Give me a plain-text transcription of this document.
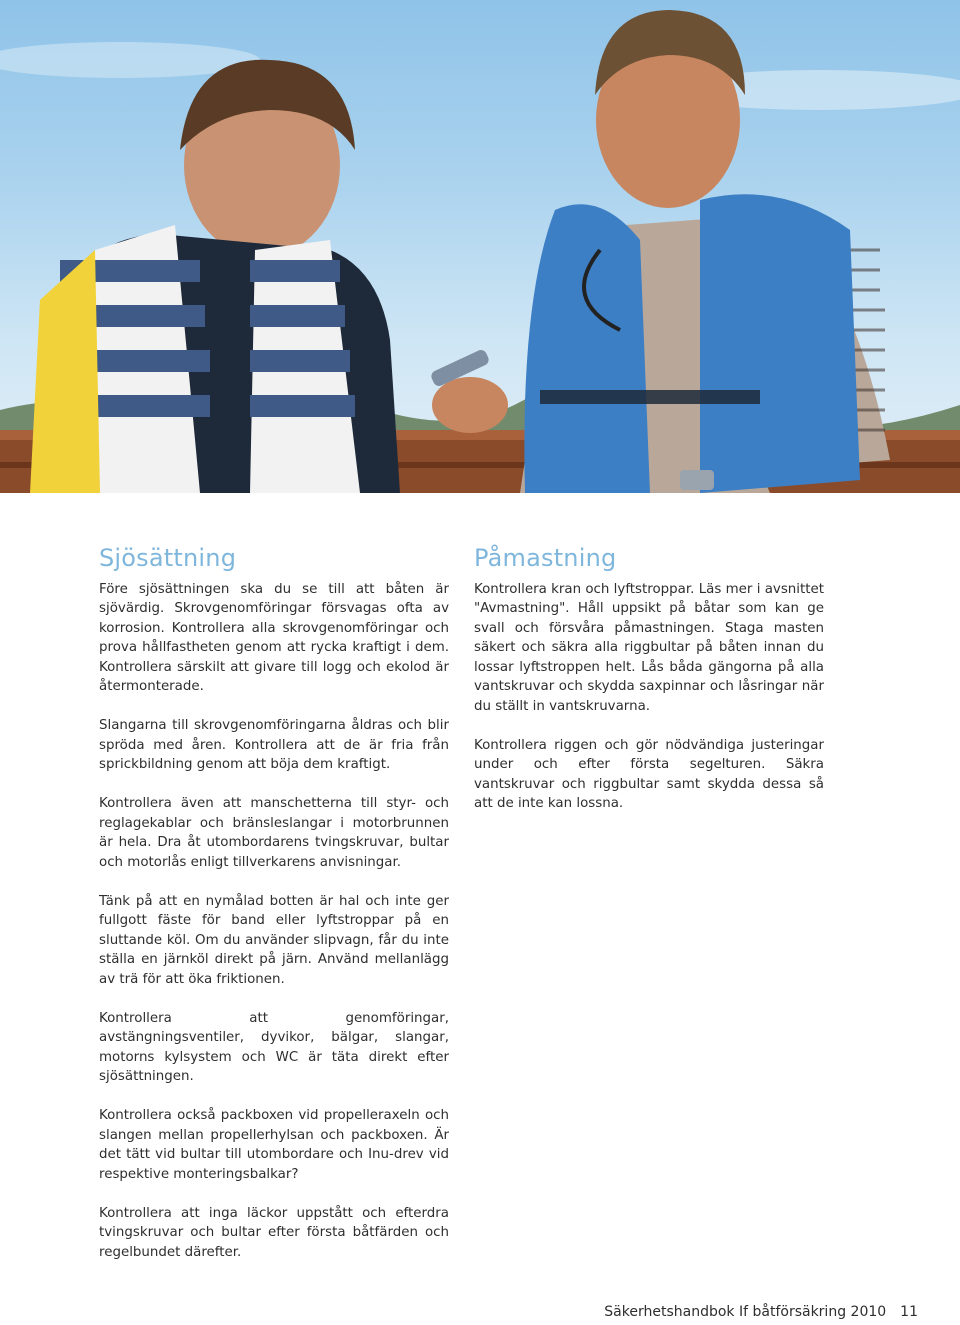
Sjösättning

Före sjösättningen ska du se till att båten är sjövärdig. Skrovgenomföringar försvagas ofta av korrosion. Kontrollera alla skrovgenomföringar och prova hållfastheten genom att rycka kraftigt i dem. Kontrollera särskilt att givare till logg och ekolod är återmonterade.

Slangarna till skrovgenomföringarna åldras och blir spröda med åren. Kontrollera att de är fria från sprickbildning genom att böja dem kraftigt.

Kontrollera även att manschetterna till styr- och reglagekablar och bränsleslangar i motorbrunnen är hela. Dra åt utombordarens tvingskruvar, bultar och motorlås enligt tillverkarens anvisningar.

Tänk på att en nymålad botten är hal och inte ger fullgott fäste för band eller lyftstroppar på en sluttande köl. Om du använder slipvagn, får du inte ställa en järnköl direkt på järn. Använd mellanlägg av trä för att öka friktionen.

Kontrollera att genomföringar, avstängningsventiler, dyvikor, bälgar, slangar, motorns kylsystem och WC är täta direkt efter sjösättningen.

Kontrollera också packboxen vid propelleraxeln och slangen mellan propellerhylsan och packboxen. Är det tätt vid bultar till utombordare och Inu-drev vid respektive monteringsbalkar?

Kontrollera att inga läckor uppstått och efterdra tvingskruvar och bultar efter första båtfärden och regelbundet därefter.

Påmastning

Kontrollera kran och lyftstroppar. Läs mer i avsnittet "Avmastning". Håll uppsikt på båtar som kan ge svall och försvåra påmastningen. Staga masten säkert och säkra alla riggbultar på båten innan du lossar lyftstroppen helt. Lås båda gängorna på alla vantskruvar och skydda saxpinnar och låsringar när du ställt in vantskruvarna.

Kontrollera riggen och gör nödvändiga justeringar under och efter första segelturen. Säkra vantskruvar och riggbultar samt skydda dessa så att de inte kan lossna.

Säkerhetshandbok If båtförsäkring 2010 11
